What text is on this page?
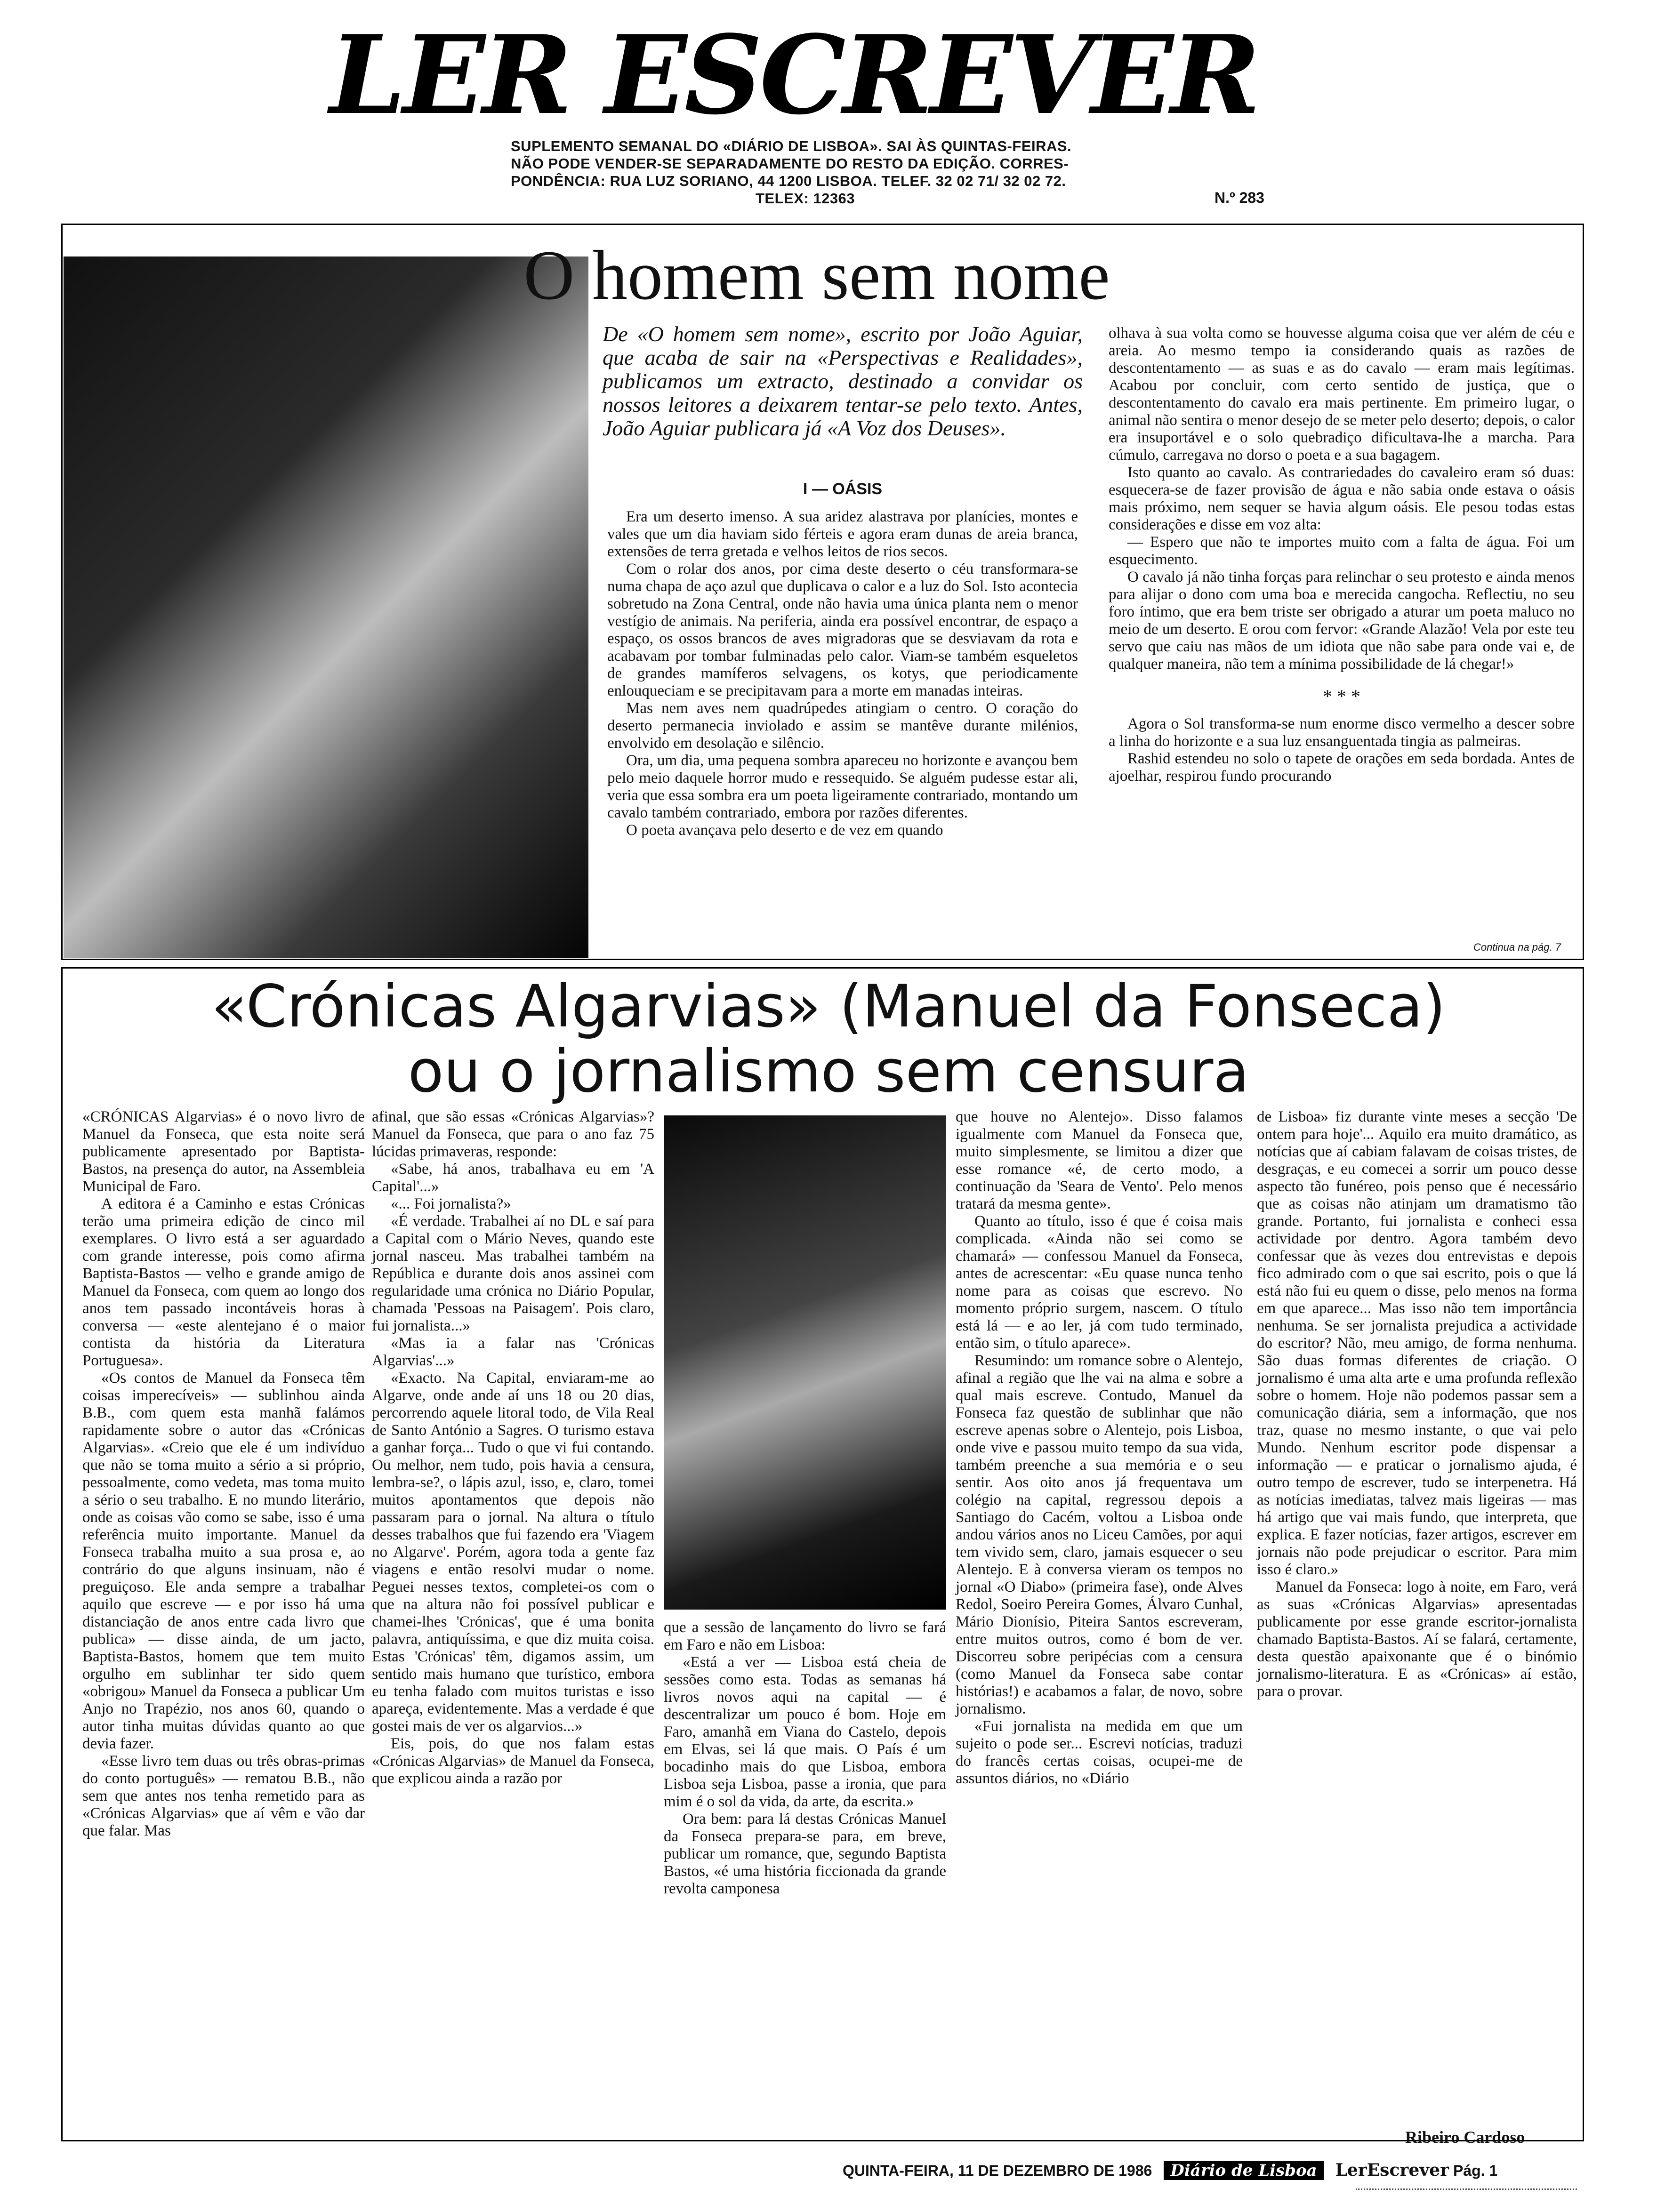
LER ESCREVER
SUPLEMENTO SEMANAL DO «DIÁRIO DE LISBOA». SAI ÀS QUINTAS-FEIRAS.
NÃO PODE VENDER-SE SEPARADAMENTE DO RESTO DA EDIÇÃO. CORRES-
PONDÊNCIA: RUA LUZ SORIANO, 44 1200 LISBOA. TELEF. 32 02 71/ 32 02 72.
TELEX: 12363	N.º 283
O homem sem nome
De «O homem sem nome», escrito por João Aguiar, que acaba de sair na «Perspectivas e Realidades», publicamos um extracto, destinado a convidar os nossos leitores a deixarem tentar-se pelo texto. Antes, João Aguiar publicara já «A Voz dos Deuses».
I — OÁSIS

Era um deserto imenso. A sua aridez alastrava por planícies, montes e vales que um dia haviam sido férteis e agora eram dunas de areia branca, extensões de terra gretada e velhos leitos de rios secos.

Com o rolar dos anos, por cima deste deserto o céu transformara-se numa chapa de aço azul que duplicava o calor e a luz do Sol. Isto acontecia sobretudo na Zona Central, onde não havia uma única planta nem o menor vestígio de animais. Na periferia, ainda era possível encontrar, de espaço a espaço, os ossos brancos de aves migradoras que se desviavam da rota e acabavam por tombar fulminadas pelo calor. Viam-se também esqueletos de grandes mamíferos selvagens, os kotys, que periodicamente enlouqueciam e se precipitavam para a morte em manadas inteiras.

Mas nem aves nem quadrúpedes atingiam o centro. O coração do deserto permanecia inviolado e assim se mantêve durante milénios, envolvido em desolação e silêncio.

Ora, um dia, uma pequena sombra apareceu no horizonte e avançou bem pelo meio daquele horror mudo e ressequido. Se alguém pudesse estar ali, veria que essa sombra era um poeta ligeiramente contrariado, montando um cavalo também contrariado, embora por razões diferentes.

O poeta avançava pelo deserto e de vez em quando

olhava à sua volta como se houvesse alguma coisa que ver além de céu e areia. Ao mesmo tempo ia considerando quais as razões de descontentamento — as suas e as do cavalo — eram mais legítimas. Acabou por concluir, com certo sentido de justiça, que o descontentamento do cavalo era mais pertinente. Em primeiro lugar, o animal não sentira o menor desejo de se meter pelo deserto; depois, o calor era insuportável e o solo quebradiço dificultava-lhe a marcha. Para cúmulo, carregava no dorso o poeta e a sua bagagem.

Isto quanto ao cavalo. As contrariedades do cavaleiro eram só duas: esquecera-se de fazer provisão de água e não sabia onde estava o oásis mais próximo, nem sequer se havia algum oásis. Ele pesou todas estas considerações e disse em voz alta:

— Espero que não te importes muito com a falta de água. Foi um esquecimento.

O cavalo já não tinha forças para relinchar o seu protesto e ainda menos para alijar o dono com uma boa e merecida cangocha. Reflectiu, no seu foro íntimo, que era bem triste ser obrigado a aturar um poeta maluco no meio de um deserto. E orou com fervor: «Grande Alazão! Vela por este teu servo que caiu nas mãos de um idiota que não sabe para onde vai e, de qualquer maneira, não tem a mínima possibilidade de lá chegar!»

* * *

Agora o Sol transforma-se num enorme disco vermelho a descer sobre a linha do horizonte e a sua luz ensanguentada tingia as palmeiras.

Rashid estendeu no solo o tapete de orações em seda bordada. Antes de ajoelhar, respirou fundo procurando

Continua na pág. 7
«Crónicas Algarvias» (Manuel da Fonseca)
ou o jornalismo sem censura

«CRÓNICAS Algarvias» é o novo livro de Manuel da Fonseca, que esta noite será publicamente apresentado por Baptista-Bastos, na presença do autor, na Assembleia Municipal de Faro.

A editora é a Caminho e estas Crónicas terão uma primeira edição de cinco mil exemplares. O livro está a ser aguardado com grande interesse, pois como afirma Baptista-Bastos — velho e grande amigo de Manuel da Fonseca, com quem ao longo dos anos tem passado incontáveis horas à conversa — «este alentejano é o maior contista da história da Literatura Portuguesa».

«Os contos de Manuel da Fonseca têm coisas imperecíveis» — sublinhou ainda B.B., com quem esta manhã falámos rapidamente sobre o autor das «Crónicas Algarvias». «Creio que ele é um indivíduo que não se toma muito a sério a si próprio, pessoalmente, como vedeta, mas toma muito a sério o seu trabalho. E no mundo literário, onde as coisas vão como se sabe, isso é uma referência muito importante. Manuel da Fonseca trabalha muito a sua prosa e, ao contrário do que alguns insinuam, não é preguiçoso. Ele anda sempre a trabalhar aquilo que escreve — e por isso há uma distanciação de anos entre cada livro que publica» — disse ainda, de um jacto, Baptista-Bastos, homem que tem muito orgulho em sublinhar ter sido quem «obrigou» Manuel da Fonseca a publicar Um Anjo no Trapézio, nos anos 60, quando o autor tinha muitas dúvidas quanto ao que devia fazer.

«Esse livro tem duas ou três obras-primas do conto português» — rematou B.B., não sem que antes nos tenha remetido para as «Crónicas Algarvias» que aí vêm e vão dar que falar. Mas

afinal, que são essas «Crónicas Algarvias»? Manuel da Fonseca, que para o ano faz 75 lúcidas primaveras, responde:

«Sabe, há anos, trabalhava eu em 'A Capital'...»

«... Foi jornalista?»

«É verdade. Trabalhei aí no DL e saí para a Capital com o Mário Neves, quando este jornal nasceu. Mas trabalhei também na República e durante dois anos assinei com regularidade uma crónica no Diário Popular, chamada 'Pessoas na Paisagem'. Pois claro, fui jornalista...»

«Mas ia a falar nas 'Crónicas Algarvias'...»

«Exacto. Na Capital, enviaram-me ao Algarve, onde ande aí uns 18 ou 20 dias, percorrendo aquele litoral todo, de Vila Real de Santo António a Sagres. O turismo estava a ganhar força... Tudo o que vi fui contando. Ou melhor, nem tudo, pois havia a censura, lembra-se?, o lápis azul, isso, e, claro, tomei muitos apontamentos que depois não passaram para o jornal. Na altura o título desses trabalhos que fui fazendo era 'Viagem no Algarve'. Porém, agora toda a gente faz viagens e então resolvi mudar o nome. Peguei nesses textos, completei-os com o que na altura não foi possível publicar e chamei-lhes 'Crónicas', que é uma bonita palavra, antiquíssima, e que diz muita coisa. Estas 'Crónicas' têm, digamos assim, um sentido mais humano que turístico, embora eu tenha falado com muitos turistas e isso apareça, evidentemente. Mas a verdade é que gostei mais de ver os algarvios...»

Eis, pois, do que nos falam estas «Crónicas Algarvias» de Manuel da Fonseca, que explicou ainda a razão por

que a sessão de lançamento do livro se fará em Faro e não em Lisboa:

«Está a ver — Lisboa está cheia de sessões como esta. Todas as semanas há livros novos aqui na capital — é descentralizar um pouco é bom. Hoje em Faro, amanhã em Viana do Castelo, depois em Elvas, sei lá que mais. O País é um bocadinho mais do que Lisboa, embora Lisboa seja Lisboa, passe a ironia, que para mim é o sol da vida, da arte, da escrita.»

Ora bem: para lá destas Crónicas Manuel da Fonseca prepara-se para, em breve, publicar um romance, que, segundo Baptista Bastos, «é uma história ficcionada da grande revolta camponesa

que houve no Alentejo». Disso falamos igualmente com Manuel da Fonseca que, muito simplesmente, se limitou a dizer que esse romance «é, de certo modo, a continuação da 'Seara de Vento'. Pelo menos tratará da mesma gente».

Quanto ao título, isso é que é coisa mais complicada. «Ainda não sei como se chamará» — confessou Manuel da Fonseca, antes de acrescentar: «Eu quase nunca tenho nome para as coisas que escrevo. No momento próprio surgem, nascem. O título está lá — e ao ler, já com tudo terminado, então sim, o título aparece».

Resumindo: um romance sobre o Alentejo, afinal a região que lhe vai na alma e sobre a qual mais escreve. Contudo, Manuel da Fonseca faz questão de sublinhar que não escreve apenas sobre o Alentejo, pois Lisboa, onde vive e passou muito tempo da sua vida, também preenche a sua memória e o seu sentir. Aos oito anos já frequentava um colégio na capital, regressou depois a Santiago do Cacém, voltou a Lisboa onde andou vários anos no Liceu Camões, por aqui tem vivido sem, claro, jamais esquecer o seu Alentejo. E à conversa vieram os tempos no jornal «O Diabo» (primeira fase), onde Alves Redol, Soeiro Pereira Gomes, Álvaro Cunhal, Mário Dionísio, Piteira Santos escreveram, entre muitos outros, como é bom de ver. Discorreu sobre peripécias com a censura (como Manuel da Fonseca sabe contar histórias!) e acabamos a falar, de novo, sobre jornalismo.

«Fui jornalista na medida em que um sujeito o pode ser... Escrevi notícias, traduzi do francês certas coisas, ocupei-me de assuntos diários, no «Diário

de Lisboa» fiz durante vinte meses a secção 'De ontem para hoje'... Aquilo era muito dramático, as notícias que aí cabiam falavam de coisas tristes, de desgraças, e eu comecei a sorrir um pouco desse aspecto tão funéreo, pois penso que é necessário que as coisas não atinjam um dramatismo tão grande. Portanto, fui jornalista e conheci essa actividade por dentro. Agora também devo confessar que às vezes dou entrevistas e depois fico admirado com o que sai escrito, pois o que lá está não fui eu quem o disse, pelo menos na forma em que aparece... Mas isso não tem importância nenhuma. Se ser jornalista prejudica a actividade do escritor? Não, meu amigo, de forma nenhuma. São duas formas diferentes de criação. O jornalismo é uma alta arte e uma profunda reflexão sobre o homem. Hoje não podemos passar sem a comunicação diária, sem a informação, que nos traz, quase no mesmo instante, o que vai pelo Mundo. Nenhum escritor pode dispensar a informação — e praticar o jornalismo ajuda, é outro tempo de escrever, tudo se interpenetra. Há as notícias imediatas, talvez mais ligeiras — mas há artigo que vai mais fundo, que interpreta, que explica. E fazer notícias, fazer artigos, escrever em jornais não pode prejudicar o escritor. Para mim isso é claro.»

Manuel da Fonseca: logo à noite, em Faro, verá as suas «Crónicas Algarvias» apresentadas publicamente por esse grande escritor-jornalista chamado Baptista-Bastos. Aí se falará, certamente, desta questão apaixonante que é o binómio jornalismo-literatura. E as «Crónicas» aí estão, para o provar.

Ribeiro Cardoso
QUINTA-FEIRA, 11 DE DEZEMBRO DE 1986 Diário de Lisboa LerEscrever Pág. 1
